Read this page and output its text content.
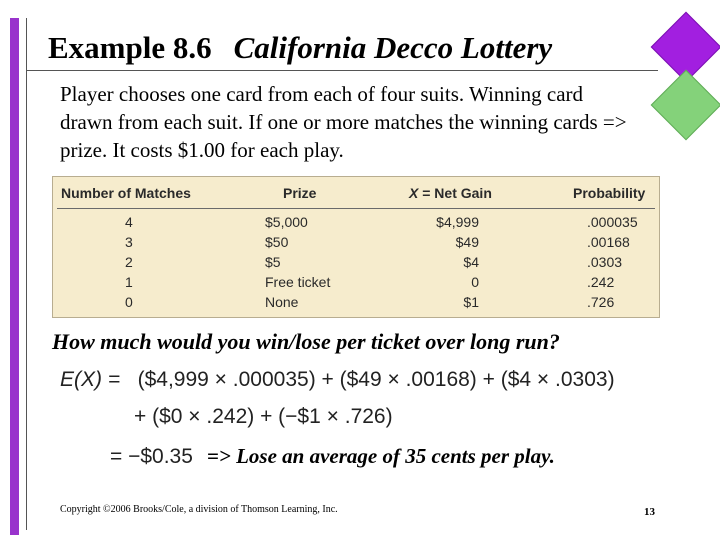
Example 8.6 California Decco Lottery
Player chooses one card from each of four suits. Winning card drawn from each suit. If one or more matches the winning cards => prize. It costs $1.00 for each play.
Number of Matches	Prize	X = Net Gain	Probability
4	$5,000	$4,999	.000035
3	$50	$49	.00168
2	$5	$4	.0303
1	Free ticket	0	.242
0	None	$1	.726
How much would you win/lose per ticket over long run?
E(X) = ($4,999 × .000035) + ($49 × .00168) + ($4 × .0303)
+ ($0 × .242) + (−$1 × .726)
= −$0.35 => Lose an average of 35 cents per play.
Copyright ©2006 Brooks/Cole, a division of Thomson Learning, Inc.	13
